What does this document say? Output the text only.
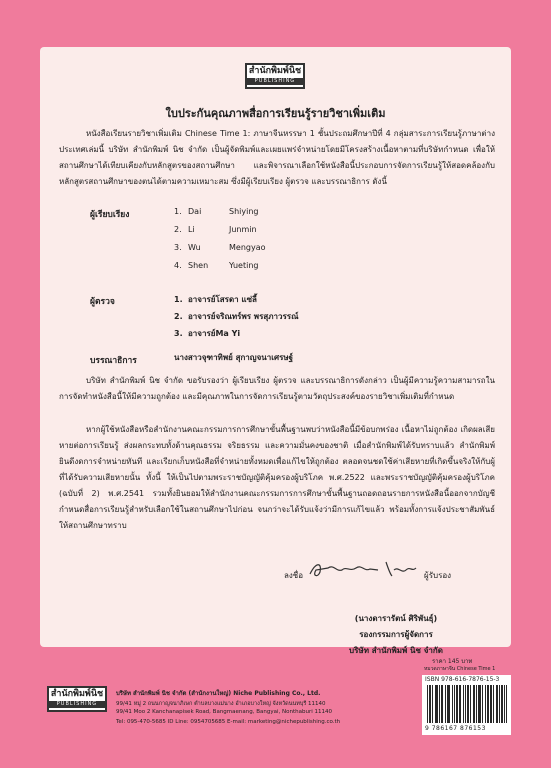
สำนักพิมพ์นิช
PUBLISHING
ใบประกันคุณภาพสื่อการเรียนรู้รายวิชาเพิ่มเติม
หนังสือเรียนรายวิชาเพิ่มเติม Chinese Time 1: ภาษาจีนหรรษา 1 ชั้นประถมศึกษาปีที่ 4 กลุ่มสาระการเรียนรู้ภาษาต่างประเทศเล่มนี้ บริษัท สำนักพิมพ์ นิช จำกัด เป็นผู้จัดพิมพ์และเผยแพร่จำหน่ายโดยมีโครงสร้างเนื้อหาตามที่บริษัทกำหนด เพื่อให้สถานศึกษาได้เทียบเคียงกับหลักสูตรของสถานศึกษา และพิจารณาเลือกใช้หนังสือนี้ประกอบการจัดการเรียนรู้ให้สอดคล้องกับหลักสูตรสถานศึกษาของตนได้ตามความเหมาะสม ซึ่งมีผู้เรียบเรียง ผู้ตรวจ และบรรณาธิการ ดังนี้
ผู้เรียบเรียง	1. Dai	Shiying
2. Li	Junmin
3. Wu	Mengyao
4. Shen	Yueting
ผู้ตรวจ	1. อาจารย์โสรดา แซ่ลี้
2. อาจารย์จริณทร์พร พรสุภาวรรณ์
3. อาจารย์Ma Yi
บรรณาธิการ	นางสาวจุฑาทิพย์ สุกาญจนาเศรษฐ์
บริษัท สำนักพิมพ์ นิช จำกัด ขอรับรองว่า ผู้เรียบเรียง ผู้ตรวจ และบรรณาธิการดังกล่าว เป็นผู้มีความรู้ความสามารถในการจัดทำหนังสือนี้ให้มีความถูกต้อง และมีคุณภาพในการจัดการเรียนรู้ตามวัตถุประสงค์ของรายวิชาเพิ่มเติมที่กำหนด
หากผู้ใช้หนังสือหรือสำนักงานคณะกรรมการการศึกษาขั้นพื้นฐานพบว่าหนังสือนี้มีข้อบกพร่อง เนื้อหาไม่ถูกต้อง เกิดผลเสียหายต่อการเรียนรู้ ส่งผลกระทบทั้งด้านคุณธรรม จริยธรรม และความมั่นคงของชาติ เมื่อสำนักพิมพ์ได้รับทราบแล้ว สำนักพิมพ์ยินดีงดการจำหน่ายทันที และเรียกเก็บหนังสือที่จำหน่ายทั้งหมดเพื่อแก้ไขให้ถูกต้อง ตลอดจนชดใช้ค่าเสียหายที่เกิดขึ้นจริงให้กับผู้ที่ได้รับความเสียหายนั้น ทั้งนี้ ให้เป็นไปตามพระราชบัญญัติคุ้มครองผู้บริโภค พ.ศ.2522 และพระราชบัญญัติคุ้มครองผู้บริโภค (ฉบับที่ 2) พ.ศ.2541 รวมทั้งยินยอมให้สำนักงานคณะกรรมการการศึกษาขั้นพื้นฐานถอดถอนรายการหนังสือนี้ออกจากบัญชีกำหนดสื่อการเรียนรู้สำหรับเลือกใช้ในสถานศึกษาไปก่อน จนกว่าจะได้รับแจ้งว่ามีการแก้ไขแล้ว พร้อมทั้งการแจ้งประชาสัมพันธ์ให้สถานศึกษาทราบ
ลงชื่อ	ผู้รับรอง
(นางดารารัตน์ ศิริพันธุ์)
รองกรรมการผู้จัดการ
บริษัท สำนักพิมพ์ นิช จำกัด
สำนักพิมพ์นิช
PUBLISHING
บริษัท สำนักพิมพ์ นิช จำกัด (สำนักงานใหญ่) Niche Publishing Co., Ltd.
99/41 หมู่ 2 ถนนกาญจนาภิเษก ตำบลบางแม่นาง อำเภอบางใหญ่ จังหวัดนนทบุรี 11140
99/41 Moo 2 Kanchanapisek Road, Bangmaenang, Bangyai, Nonthaburi 11140
Tel: 095-470-5685 ID Line: 0954705685 E-mail: marketing@nichepublishing.co.th
ราคา 145 บาท
หมวดภาษาจีน Chinese Time 1
ISBN 978-616-7876-15-3
9 786167 876153
